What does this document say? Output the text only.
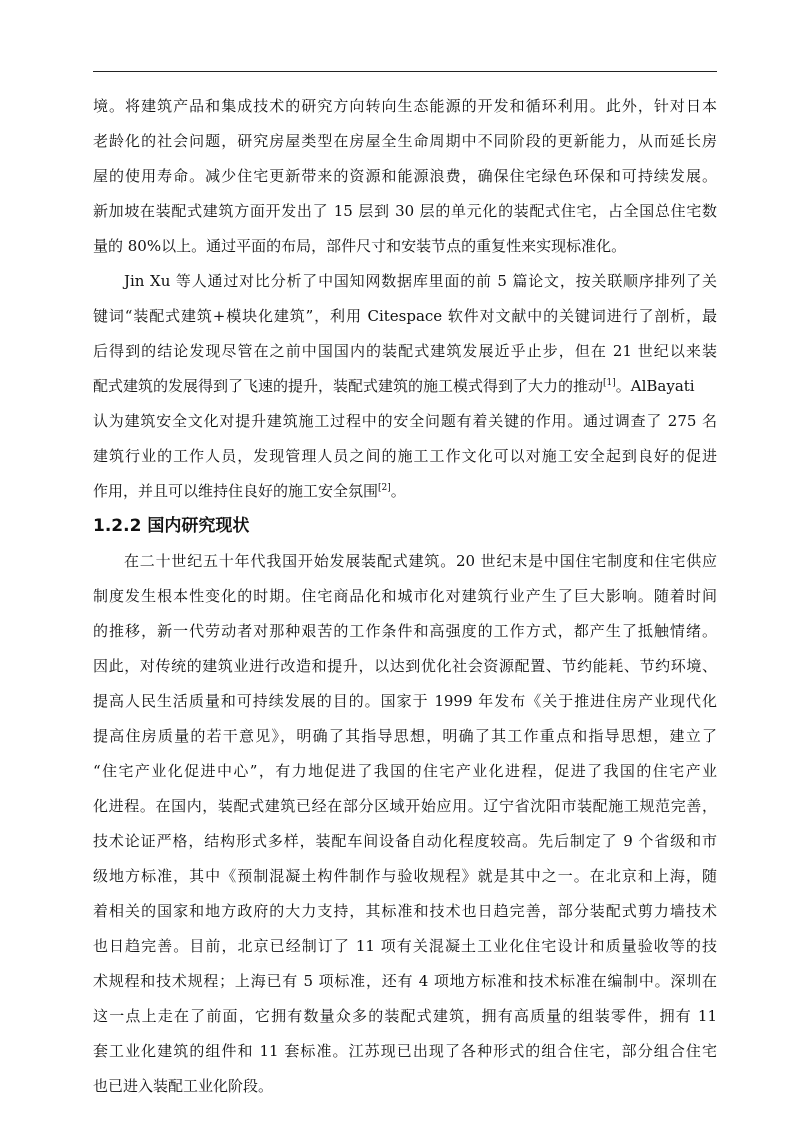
境。将建筑产品和集成技术的研究方向转向生态能源的开发和循环利用。此外，针对日本
老龄化的社会问题，研究房屋类型在房屋全生命周期中不同阶段的更新能力，从而延长房
屋的使用寿命。减少住宅更新带来的资源和能源浪费，确保住宅绿色环保和可持续发展。
新加坡在装配式建筑方面开发出了 15 层到 30 层的单元化的装配式住宅，占全国总住宅数
量的 80%以上。通过平面的布局，部件尺寸和安装节点的重复性来实现标准化。
Jin Xu 等人通过对比分析了中国知网数据库里面的前 5 篇论文，按关联顺序排列了关
键词“装配式建筑+模块化建筑”，利用 Citespace 软件对文献中的关键词进行了剖析，最
后得到的结论发现尽管在之前中国国内的装配式建筑发展近乎止步，但在 21 世纪以来装
配式建筑的发展得到了飞速的提升，装配式建筑的施工模式得到了大力的推动[1]。AlBayati
认为建筑安全文化对提升建筑施工过程中的安全问题有着关键的作用。通过调查了 275 名
建筑行业的工作人员，发现管理人员之间的施工工作文化可以对施工安全起到良好的促进
作用，并且可以维持住良好的施工安全氛围[2]。
1.2.2 国内研究现状
在二十世纪五十年代我国开始发展装配式建筑。20 世纪末是中国住宅制度和住宅供应
制度发生根本性变化的时期。住宅商品化和城市化对建筑行业产生了巨大影响。随着时间
的推移，新一代劳动者对那种艰苦的工作条件和高强度的工作方式，都产生了抵触情绪。
因此，对传统的建筑业进行改造和提升，以达到优化社会资源配置、节约能耗、节约环境、
提高人民生活质量和可持续发展的目的。国家于 1999 年发布《关于推进住房产业现代化
提高住房质量的若干意见》，明确了其指导思想，明确了其工作重点和指导思想，建立了
“住宅产业化促进中心”，有力地促进了我国的住宅产业化进程，促进了我国的住宅产业
化进程。在国内，装配式建筑已经在部分区域开始应用。辽宁省沈阳市装配施工规范完善，
技术论证严格，结构形式多样，装配车间设备自动化程度较高。先后制定了 9 个省级和市
级地方标准，其中《预制混凝土构件制作与验收规程》就是其中之一。在北京和上海，随
着相关的国家和地方政府的大力支持，其标准和技术也日趋完善，部分装配式剪力墙技术
也日趋完善。目前，北京已经制订了 11 项有关混凝土工业化住宅设计和质量验收等的技
术规程和技术规程；上海已有 5 项标准，还有 4 项地方标准和技术标准在编制中。深圳在
这一点上走在了前面，它拥有数量众多的装配式建筑，拥有高质量的组装零件，拥有 11
套工业化建筑的组件和 11 套标准。江苏现已出现了各种形式的组合住宅，部分组合住宅
也已进入装配工业化阶段。
